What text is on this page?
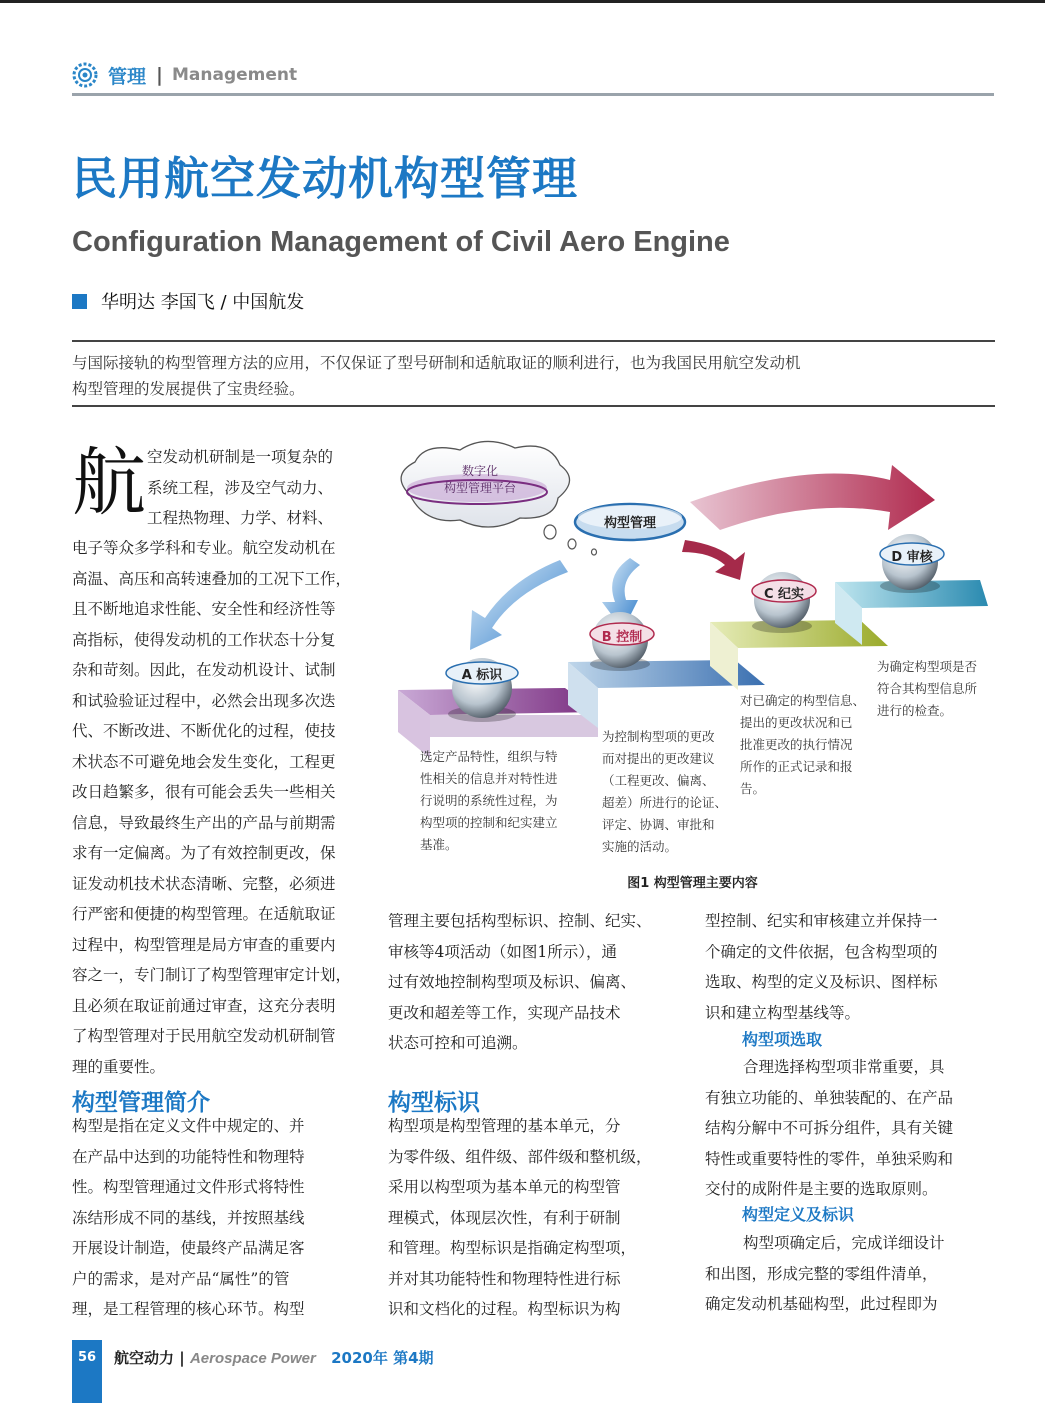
管理 | Management
民用航空发动机构型管理
Configuration Management of Civil Aero Engine
华明达 李国飞 / 中国航发
与国际接轨的构型管理方法的应用，不仅保证了型号研制和适航取证的顺利进行，也为我国民用航空发动机
构型管理的发展提供了宝贵经验。
航 空发动机研制是一项复杂的
系统工程，涉及空气动力、
工程热物理、力学、材料、
电子等众多学科和专业。航空发动机在
高温、高压和高转速叠加的工况下工作，
且不断地追求性能、安全性和经济性等
高指标，使得发动机的工作状态十分复
杂和苛刻。因此，在发动机设计、试制
和试验验证过程中，必然会出现多次迭
代、不断改进、不断优化的过程，使技
术状态不可避免地会发生变化，工程更
改日趋繁多，很有可能会丢失一些相关
信息，导致最终生产出的产品与前期需
求有一定偏离。为了有效控制更改，保
证发动机技术状态清晰、完整，必须进
行严密和便捷的构型管理。在适航取证
过程中，构型管理是局方审查的重要内
容之一，专门制订了构型管理审定计划，
且必须在取证前通过审查，这充分表明
了构型管理对于民用航空发动机研制管
理的重要性。
构型管理简介
构型是指在定义文件中规定的、并
在产品中达到的功能特性和物理特
性。构型管理通过文件形式将特性
冻结形成不同的基线，并按照基线
开展设计制造，使最终产品满足客
户的需求，是对产品“属性”的管
理，是工程管理的核心环节。构型
数字化
构型管理平台
构型管理
A 标识
B 控制
C 纪实
D 审核
选定产品特性，组织与特
性相关的信息并对特性进
行说明的系统性过程，为
构型项的控制和纪实建立
基准。
为控制构型项的更改
而对提出的更改建议
（工程更改、偏离、
超差）所进行的论证、
评定、协调、审批和
实施的活动。
对已确定的构型信息、
提出的更改状况和已
批准更改的执行情况
所作的正式记录和报
告。
为确定构型项是否
符合其构型信息所
进行的检查。
图1 构型管理主要内容
管理主要包括构型标识、控制、纪实、
审核等4项活动（如图1所示），通
过有效地控制构型项及标识、偏离、
更改和超差等工作，实现产品技术
状态可控和可追溯。
构型标识
构型项是构型管理的基本单元，分
为零件级、组件级、部件级和整机级，
采用以构型项为基本单元的构型管
理模式，体现层次性，有利于研制
和管理。构型标识是指确定构型项，
并对其功能特性和物理特性进行标
识和文档化的过程。构型标识为构
型控制、纪实和审核建立并保持一
个确定的文件依据，包含构型项的
选取、构型的定义及标识、图样标
识和建立构型基线等。
构型项选取
合理选择构型项非常重要，具
有独立功能的、单独装配的、在产品
结构分解中不可拆分组件，具有关键
特性或重要特性的零件，单独采购和
交付的成附件是主要的选取原则。
构型定义及标识
构型项确定后，完成详细设计
和出图，形成完整的零组件清单，
确定发动机基础构型，此过程即为
56	航空动力 | Aerospace Power 2020年 第4期
